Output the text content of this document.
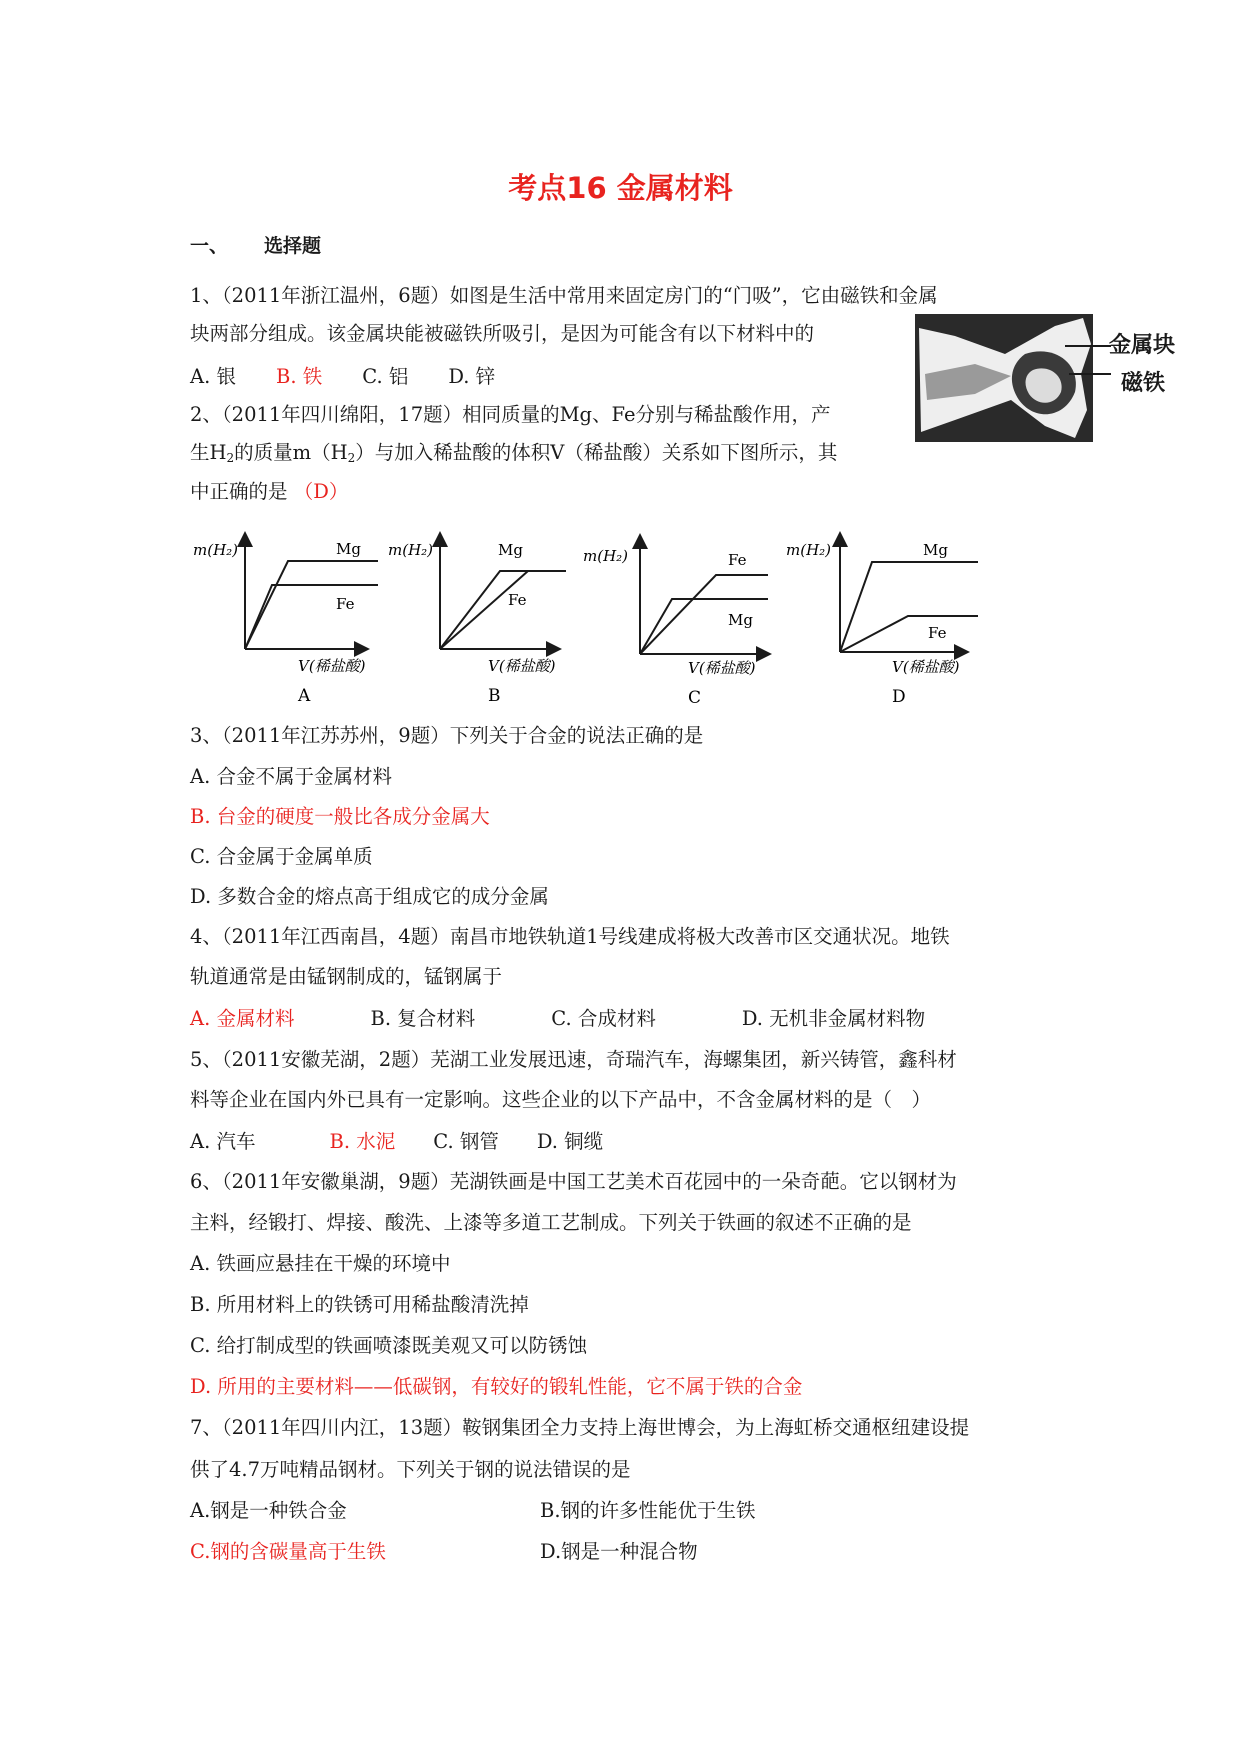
考点16 金属材料
一、 选择题
1、（2011年浙江温州，6题）如图是生活中常用来固定房门的“门吸”，它由磁铁和金属
块两部分组成。该金属块能被磁铁所吸引，是因为可能含有以下材料中的
A. 银 B. 铁 C. 铝 D. 锌
金属块
磁铁
2、（2011年四川绵阳，17题）相同质量的Mg、Fe分别与稀盐酸作用，产
生$H_2$的质量$m(H_2)$与加入稀盐酸的体积V（稀盐酸）关系如下图所示，其
中正确的是 （D）
m(H₂)	Mg
Fe
V(稀盐酸)
A
m(H₂)	Mg
Fe
V(稀盐酸)
B
m(H₂)	Fe
Mg
V(稀盐酸)
C
m(H₂)	Mg
Fe
V(稀盐酸)
D
3、（2011年江苏苏州，9题）下列关于合金的说法正确的是
A. 合金不属于金属材料
B. 台金的硬度一般比各成分金属大
C. 合金属于金属单质
D. 多数合金的熔点高于组成它的成分金属
4、（2011年江西南昌，4题）南昌市地铁轨道1号线建成将极大改善市区交通状况。地铁
轨道通常是由锰钢制成的，锰钢属于
A. 金属材料	B. 复合材料	C. 合成材料	D. 无机非金属材料物
5、（2011安徽芜湖，2题）芜湖工业发展迅速，奇瑞汽车，海螺集团，新兴铸管，鑫科材
料等企业在国内外已具有一定影响。这些企业的以下产品中，不含金属材料的是（　）
A. 汽车	B. 水泥 C. 钢管 D. 铜缆
6、（2011年安徽巢湖，9题）芜湖铁画是中国工艺美术百花园中的一朵奇葩。它以钢材为
主料，经锻打、焊接、酸洗、上漆等多道工艺制成。下列关于铁画的叙述不正确的是
A. 铁画应悬挂在干燥的环境中
B. 所用材料上的铁锈可用稀盐酸清洗掉
C. 给打制成型的铁画喷漆既美观又可以防锈蚀
D. 所用的主要材料——低碳钢，有较好的锻轧性能，它不属于铁的合金
7、（2011年四川内江，13题）鞍钢集团全力支持上海世博会，为上海虹桥交通枢纽建设提
供了4.7万吨精品钢材。下列关于钢的说法错误的是
A.钢是一种铁合金	B.钢的许多性能优于生铁
C.钢的含碳量高于生铁	D.钢是一种混合物
